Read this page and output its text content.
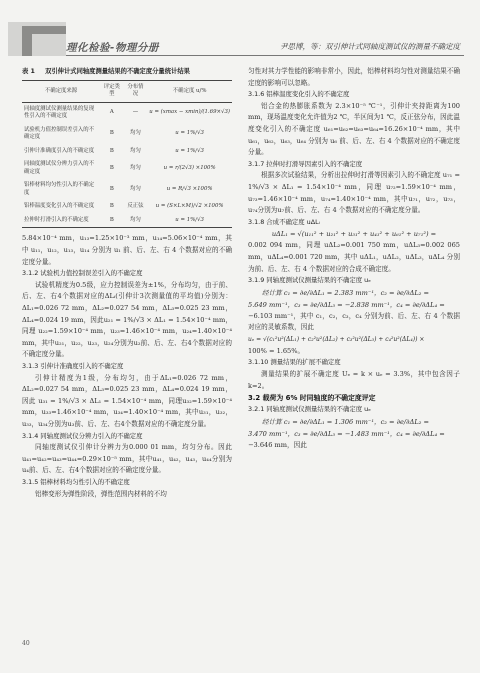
理化检验-物理分册	尹思博，等：双引伸计式同轴度测试仪的测量不确定度
表 1 双引伸计式同轴度测量结果的不确定度分量统计结果
不确定度来源	评定类型	分布情况	不确定度 u/%
同轴度测试仪测量结果的复现性引入的不确定度	A	—	u = (xmax − xmin)/(1.69×√3)
试验机力值控制误差引入的不确定度	B	均匀	u = 1%/√3
引伸计准确度引入的不确定度	B	均匀	u = 1%/√3
同轴度测试仪分辨力引入的不确定度	B	均匀	u = r/(2√3) ×100%
铝棒材料均匀性引入的不确定度	B	均匀	u = R/√3 ×100%
铝棒温度变化引入的不确定度	B	反正弦	u = (S×L×M)/√2 ×100%
拉伸时打滑引入的不确定度	B	均匀	u = 1%/√3
5.84×10⁻⁴ mm，u₁₃=1.25×10⁻³ mm，u₁₄=5.06×10⁻⁴ mm，其中 u₁₁，u₁₂，u₁₃，u₁₄ 分别为 u₁ 前、后、左、右 4 个数据对应的不确定度分量。
3.1.2 试验机力值控制误差引入的不确定度
试验机精度为0.5级，应力控制误差为±1%，分布均匀，由于前、后、左、右4个数据对应的ΔLᵢ(引伸计3次测量值的平均值)分别为：ΔL₁=0.026 72 mm，ΔL₂=0.027 54 mm，ΔL₃=0.025 23 mm，ΔL₄=0.024 19 mm，因此u₂₁ = 1%/√3 × ΔL₁ = 1.54×10⁻⁴ mm，同理 u₂₂=1.59×10⁻⁴ mm，u₂₃=1.46×10⁻⁴ mm，u₂₄=1.40×10⁻⁴ mm，其中u₂₁，u₂₂，u₂₃，u₂₄分别为u₂前、后、左、右4个数据对应的不确定度分量。
3.1.3 引伸计准确度引入的不确定度
引伸计精度为1级，分布均匀，由于ΔL₁=0.026 72 mm，ΔL₂=0.027 54 mm，ΔL₃=0.025 23 mm，ΔL₄=0.024 19 mm，因此 u₃₁ = 1%/√3 × ΔL₁ = 1.54×10⁻⁴ mm，同理u₃₂=1.59×10⁻⁴ mm，u₃₃=1.46×10⁻⁴ mm，u₃₄=1.40×10⁻⁴ mm，其中u₃₁，u₃₂，u₃₃，u₃₄分别为u₃前、后、左、右4个数据对应的不确定度分量。
3.1.4 同轴度测试仪分辨力引入的不确定度
同轴度测试仪引伸计分辨力为0.000 01 mm，均匀分布。因此 u₄₁=u₄₂=u₄₃=u₄₄=0.29×10⁻⁵ mm，其中u₄₁，u₄₂，u₄₃，u₄₄分别为u₄前、后、左、右4个数据对应的不确定度分量。
3.1.5 铝棒材料均匀性引入的不确定度
铝棒变形为弹性阶段，弹性范围内材料的不均
匀性对其力学性能的影响非常小，因此，铝棒材料均匀性对测量结果不确定度的影响可以忽略。
3.1.6 铝棒温度变化引入的不确定度
铝合金的热膨胀系数为 2.3×10⁻⁵ ℃⁻¹，引伸计夹持距离为100 mm，现场温度变化允许值为2 ℃，半区间为1 ℃，反正弦分布，因此温度变化引入的不确定度 u₆₁=u₆₂=u₆₃=u₆₄=16.26×10⁻⁴ mm，其中u₆₁，u₆₂，u₆₃，u₆₄ 分别为 u₆ 前、后、左、右 4 个数据对应的不确定度分量。
3.1.7 拉伸时打滑导因素引入的不确定度
根据多次试验结果，分析出拉伸时打滑等因素引入的不确定度 u₇₁ = 1%/√3 × ΔL₁ = 1.54×10⁻⁴ mm，同理 u₇₂=1.59×10⁻⁴ mm，u₇₃=1.46×10⁻⁴ mm，u₇₄=1.40×10⁻⁴ mm，其中u₇₁，u₇₂，u₇₃，u₇₄分别为u₇前、后、左、右 4 个数据对应的不确定度分量。
3.1.8 合成不确定度 uΔLᵢ
uΔL₁ = √(u₁₁² + u₂₁² + u₃₁² + u₄₁² + u₆₁² + u₇₁²) =
0.002 094 mm，同理 uΔL₂=0.001 750 mm，uΔL₃=0.002 065 mm，uΔL₄=0.001 720 mm，其中 uΔL₁，uΔL₂，uΔL₃，uΔL₄ 分别为前、后、左、右 4 个数据对应的合成不确定度。
3.1.9 同轴度测试仪测量结果的不确定度 uₑ
经计算 c₁ = ∂e/∂ΔL₁ = 2.383 mm⁻¹，c₂ = ∂e/∂ΔL₂ =
5.649 mm⁻¹，c₃ = ∂e/∂ΔL₃ = −2.838 mm⁻¹，c₄ = ∂e/∂ΔL₄ =
−6.103 mm⁻¹，其中 c₁，c₂，c₃，c₄ 分别为前、后、左、右 4 个数据对应的灵敏系数，因此
uₑ = √(c₁²u²(ΔL₁) + c₂²u²(ΔL₂) + c₃²u²(ΔL₃) + c₄²u²(ΔL₄)) ×
100% = 1.65%。
3.1.10 测量结果的扩展不确定度
测量结果的扩展不确定度 Uₑ = k × uₑ = 3.3%，其中包含因子 k=2。
3.2 载荷为 6% 时同轴度的不确定度评定
3.2.1 同轴度测试仪测量结果的不确定度 uₑ
经计算 c₁ = ∂e/∂ΔL₁ = 1.306 mm⁻¹，c₂ = ∂e/∂ΔL₂ =
3.470 mm⁻¹，c₃ = ∂e/∂ΔL₃ = −1.483 mm⁻¹，c₄ = ∂e/∂ΔL₄ =
−3.646 mm，因此
40
